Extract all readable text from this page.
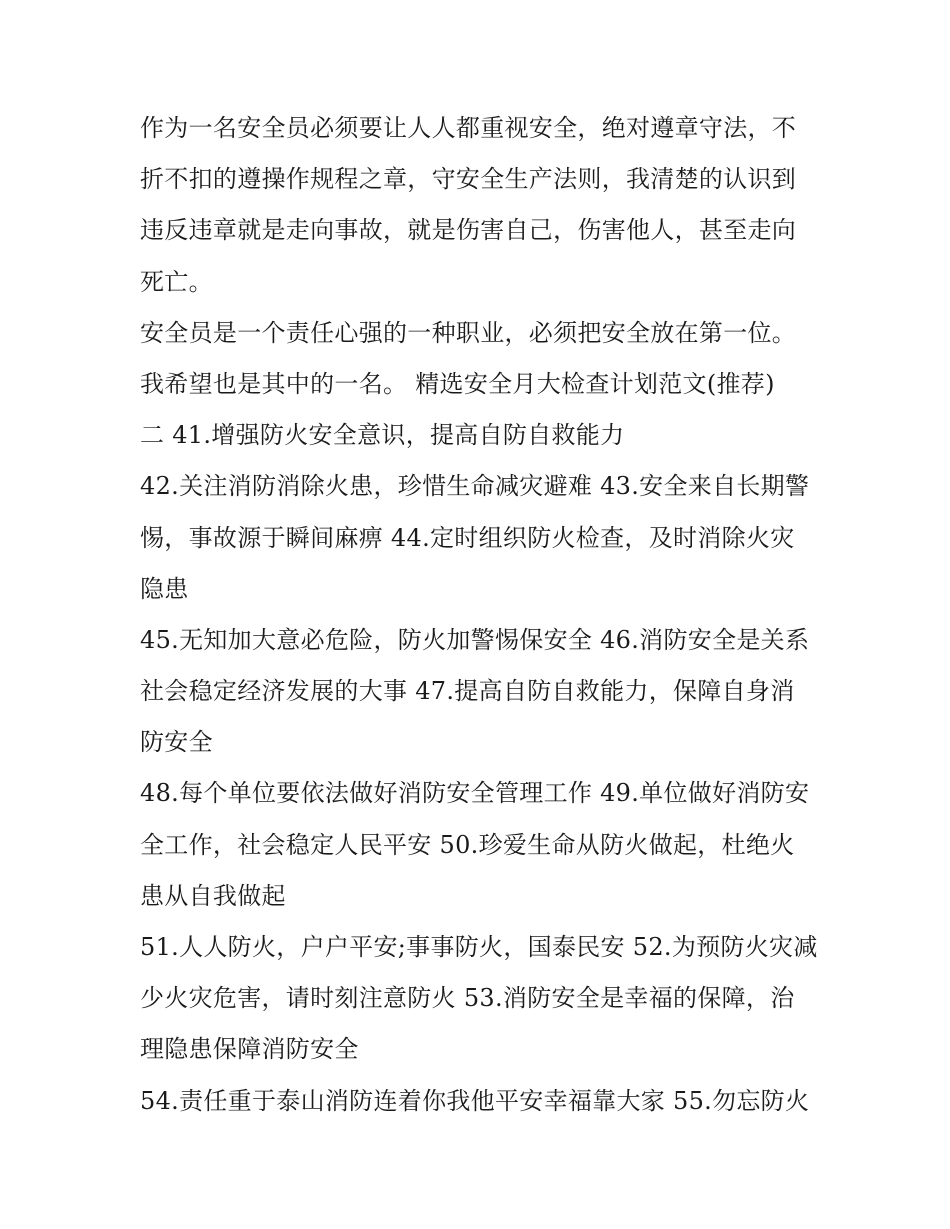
作为一名安全员必须要让人人都重视安全，绝对遵章守法，不
折不扣的遵操作规程之章，守安全生产法则，我清楚的认识到
违反违章就是走向事故，就是伤害自己，伤害他人，甚至走向
死亡。
安全员是一个责任心强的一种职业，必须把安全放在第一位。
我希望也是其中的一名。 精选安全月大检查计划范文(推荐)
二 41.增强防火安全意识，提高自防自救能力
42.关注消防消除火患，珍惜生命减灾避难 43.安全来自长期警
惕，事故源于瞬间麻痹 44.定时组织防火检查，及时消除火灾
隐患
45.无知加大意必危险，防火加警惕保安全 46.消防安全是关系
社会稳定经济发展的大事 47.提高自防自救能力，保障自身消
防安全
48.每个单位要依法做好消防安全管理工作 49.单位做好消防安
全工作，社会稳定人民平安 50.珍爱生命从防火做起，杜绝火
患从自我做起
51.人人防火，户户平安;事事防火，国泰民安 52.为预防火灾减
少火灾危害，请时刻注意防火 53.消防安全是幸福的保障，治
理隐患保障消防安全
54.责任重于泰山消防连着你我他平安幸福靠大家 55.勿忘防火
